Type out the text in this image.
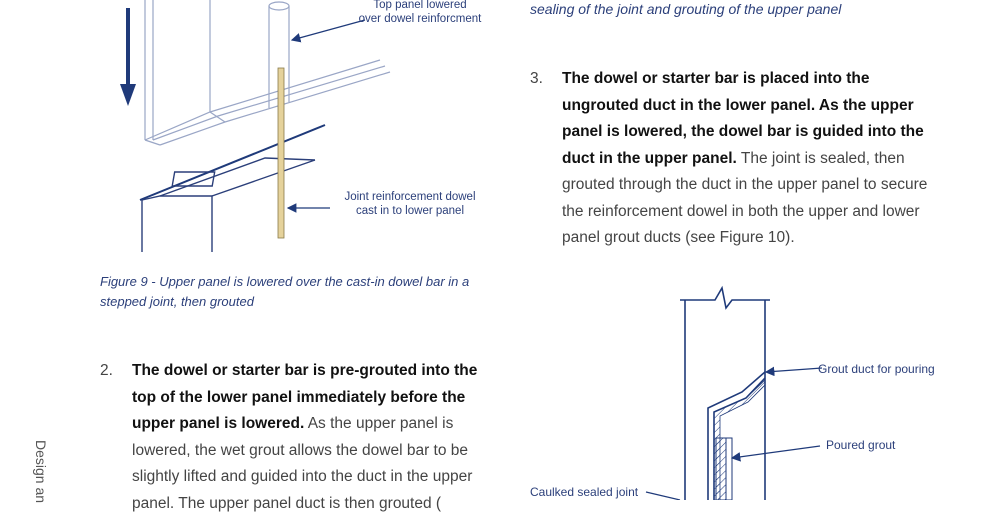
sealing of the joint and grouting of the upper panel
Top panel lowered
over dowel reinforcment
Joint reinforcement dowel
cast in to lower panel
Figure 9 - Upper panel is lowered over the cast-in dowel bar in a
stepped joint, then grouted
3. The dowel or starter bar is placed into the ungrouted duct in the lower panel. As the upper panel is lowered, the dowel bar is guided into the duct in the upper panel. The joint is sealed, then grouted through the duct in the upper panel to secure the reinforcement dowel in both the upper and lower panel grout ducts (see Figure 10).
2. The dowel or starter bar is pre-grouted into the top of the lower panel immediately before the upper panel is lowered. As the upper panel is lowered, the wet grout allows the dowel bar to be slightly lifted and guided into the duct in the upper panel. The upper panel duct is then grouted (
Grout duct for pouring
Poured grout
Caulked sealed joint
Design an
